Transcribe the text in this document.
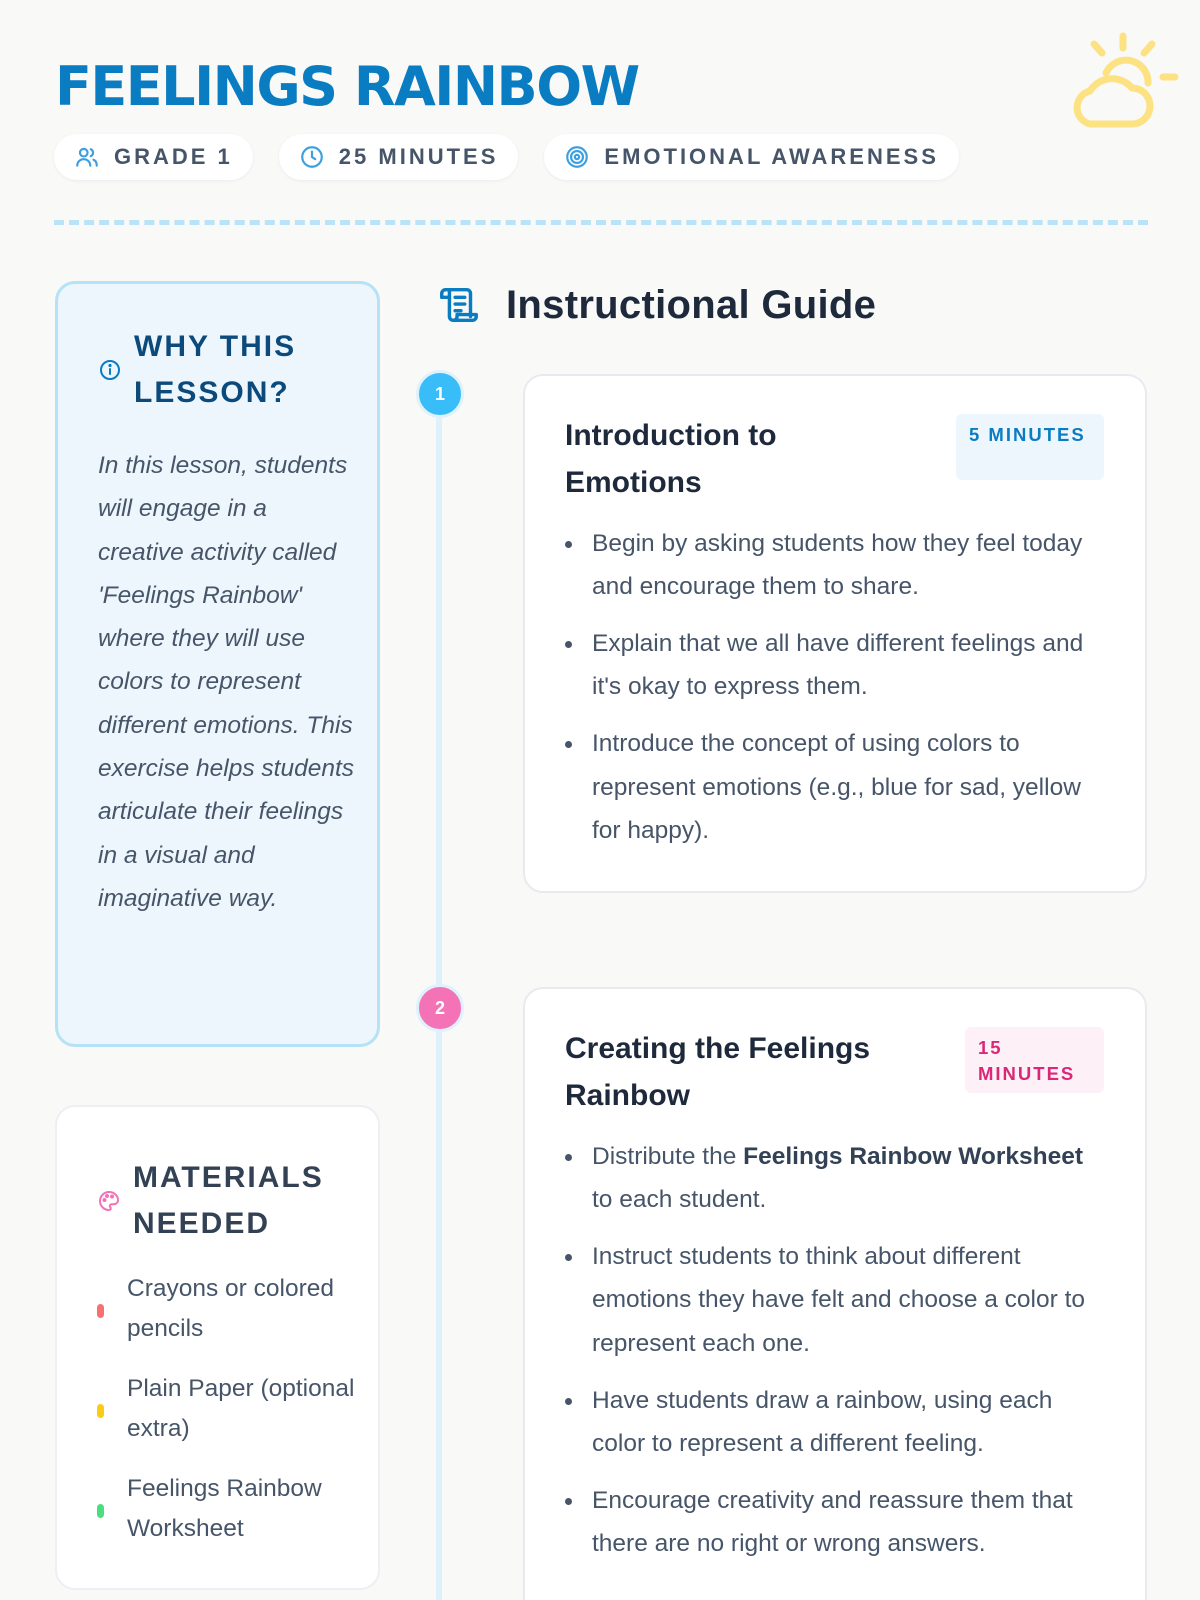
FEELINGS RAINBOW
GRADE 1	25 MINUTES	EMOTIONAL AWARENESS
WHY THIS LESSON?

In this lesson, students will engage in a creative activity called 'Feelings Rainbow' where they will use colors to represent different emotions. This exercise helps students articulate their feelings in a visual and imaginative way.

MATERIALS NEEDED
Crayons or colored pencils
Plain Paper (optional extra)
Feelings Rainbow Worksheet
Instructional Guide
1
Introduction to Emotions
5 MINUTES
Begin by asking students how they feel today and encourage them to share.
Explain that we all have different feelings and it's okay to express them.
Introduce the concept of using colors to represent emotions (e.g., blue for sad, yellow for happy).
2
Creating the Feelings Rainbow
15 MINUTES
Distribute the Feelings Rainbow Worksheet to each student.
Instruct students to think about different emotions they have felt and choose a color to represent each one.
Have students draw a rainbow, using each color to represent a different feeling.
Encourage creativity and reassure them that there are no right or wrong answers.
